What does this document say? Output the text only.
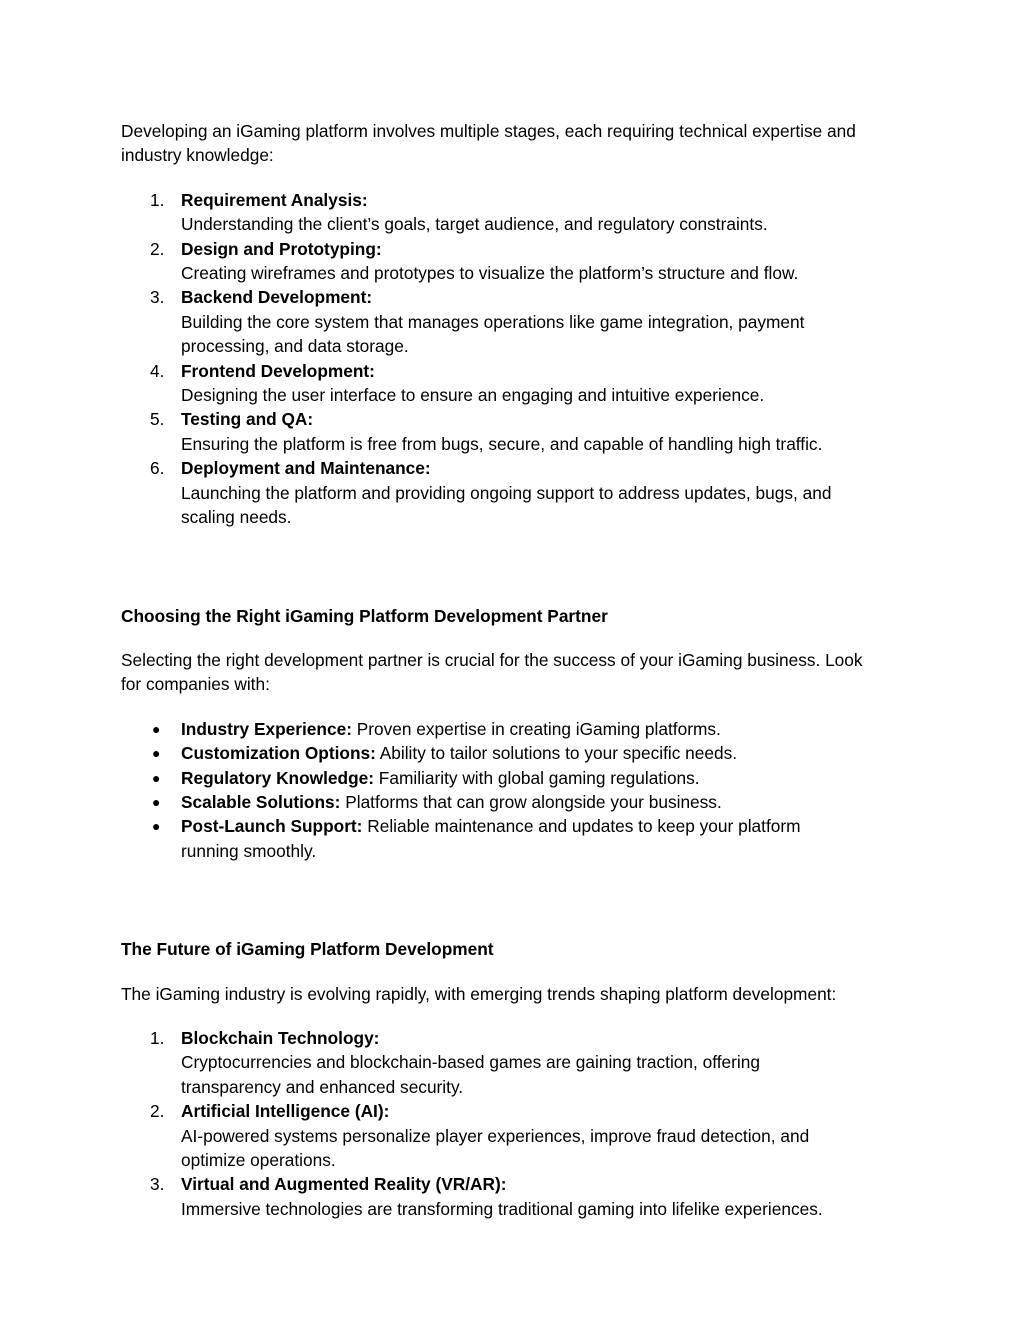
Developing an iGaming platform involves multiple stages, each requiring technical expertise and industry knowledge:

1. Requirement Analysis:
Understanding the client’s goals, target audience, and regulatory constraints.
2. Design and Prototyping:
Creating wireframes and prototypes to visualize the platform’s structure and flow.
3. Backend Development:
Building the core system that manages operations like game integration, payment processing, and data storage.
4. Frontend Development:
Designing the user interface to ensure an engaging and intuitive experience.
5. Testing and QA:
Ensuring the platform is free from bugs, secure, and capable of handling high traffic.
6. Deployment and Maintenance:
Launching the platform and providing ongoing support to address updates, bugs, and scaling needs.

Choosing the Right iGaming Platform Development Partner

Selecting the right development partner is crucial for the success of your iGaming business. Look for companies with:

● Industry Experience: Proven expertise in creating iGaming platforms.
● Customization Options: Ability to tailor solutions to your specific needs.
● Regulatory Knowledge: Familiarity with global gaming regulations.
● Scalable Solutions: Platforms that can grow alongside your business.
● Post-Launch Support: Reliable maintenance and updates to keep your platform running smoothly.

The Future of iGaming Platform Development

The iGaming industry is evolving rapidly, with emerging trends shaping platform development:

1. Blockchain Technology:
Cryptocurrencies and blockchain-based games are gaining traction, offering transparency and enhanced security.
2. Artificial Intelligence (AI):
AI-powered systems personalize player experiences, improve fraud detection, and optimize operations.
3. Virtual and Augmented Reality (VR/AR):
Immersive technologies are transforming traditional gaming into lifelike experiences.
